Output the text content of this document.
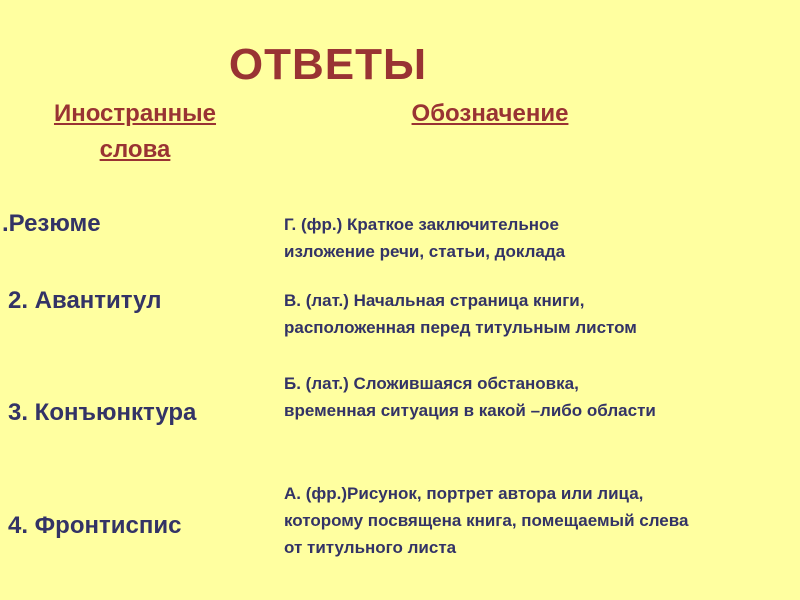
ОТВЕТЫ
Иностранные слова
Обозначение
.Резюме
2. Авантитул
3. Конъюнктура
4. Фронтиспис
Г. (фр.) Краткое заключительное изложение речи, статьи, доклада
В. (лат.) Начальная страница книги, расположенная перед титульным листом
Б. (лат.) Сложившаяся обстановка, временная ситуация в какой –либо области
А. (фр.)Рисунок, портрет автора или лица, которому посвящена книга, помещаемый слева от титульного листа
